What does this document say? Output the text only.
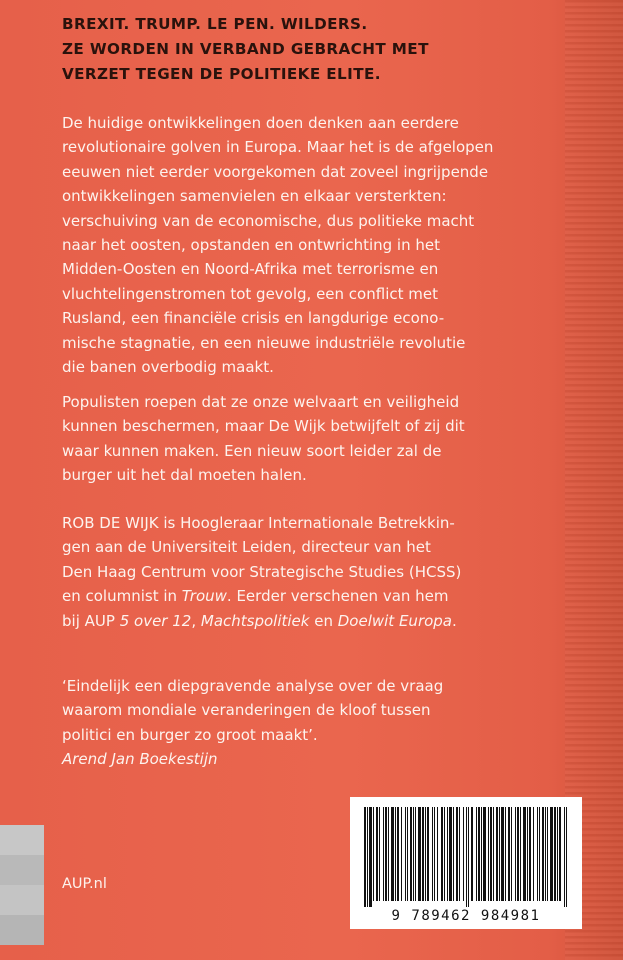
BREXIT. TRUMP. LE PEN. WILDERS.
ZE WORDEN IN VERBAND GEBRACHT MET
VERZET TEGEN DE POLITIEKE ELITE.
De huidige ontwikkelingen doen denken aan eerdere
revolutionaire golven in Europa. Maar het is de afgelopen
eeuwen niet eerder voorgekomen dat zoveel ingrijpende
ontwikkelingen samenvielen en elkaar versterkten:
verschuiving van de economische, dus politieke macht
naar het oosten, opstanden en ontwrichting in het
Midden-Oosten en Noord-Afrika met terrorisme en
vluchtelingenstromen tot gevolg, een conflict met
Rusland, een financiële crisis en langdurige econo-
mische stagnatie, en een nieuwe industriële revolutie
die banen overbodig maakt.
Populisten roepen dat ze onze welvaart en veiligheid
kunnen beschermen, maar De Wijk betwijfelt of zij dit
waar kunnen maken. Een nieuw soort leider zal de
burger uit het dal moeten halen.
ROB DE WIJK is Hoogleraar Internationale Betrekkin-
gen aan de Universiteit Leiden, directeur van het
Den Haag Centrum voor Strategische Studies (HCSS)
en columnist in Trouw. Eerder verschenen van hem
bij AUP 5 over 12, Machtspolitiek en Doelwit Europa.
‘Eindelijk een diepgravende analyse over de vraag
waarom mondiale veranderingen de kloof tussen
politici en burger zo groot maakt’.
Arend Jan Boekestijn

AUP.nl

9 789462 984981
